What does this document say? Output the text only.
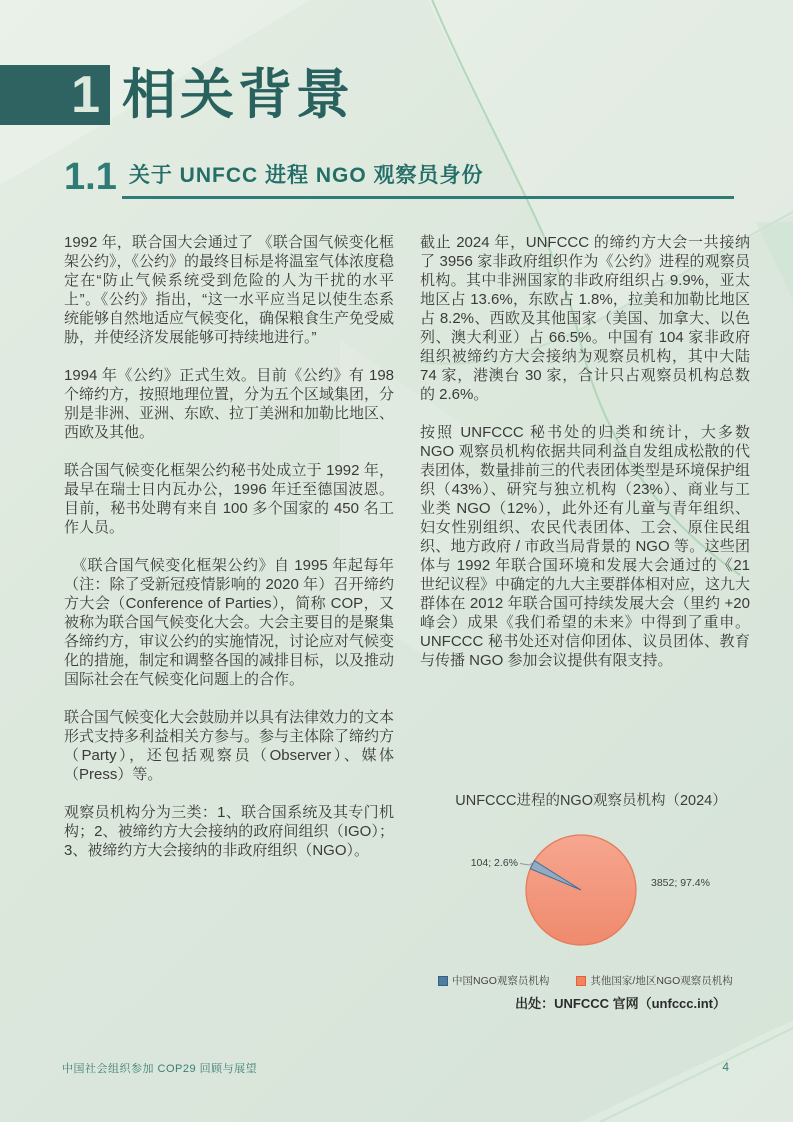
1 相关背景
1.1 关于 UNFCC 进程 NGO 观察员身份

1992 年，联合国大会通过了 《联合国气候变化框架公约》，《公约》的最终目标是将温室气体浓度稳定在“防止气候系统受到危险的人为干扰的水平上”。《公约》指出，“这一水平应当足以使生态系统能够自然地适应气候变化，确保粮食生产免受威胁，并使经济发展能够可持续地进行。”

1994 年《公约》正式生效。目前《公约》有 198 个缔约方，按照地理位置，分为五个区域集团，分别是非洲、亚洲、东欧、拉丁美洲和加勒比地区、西欧及其他。

联合国气候变化框架公约秘书处成立于 1992 年，最早在瑞士日内瓦办公，1996 年迁至德国波恩。目前，秘书处聘有来自 100 多个国家的 450 名工作人员。

　《联合国气候变化框架公约》自 1995 年起每年（注：除了受新冠疫情影响的 2020 年）召开缔约方大会（Conference of Parties），简称 COP，又被称为联合国气候变化大会。大会主要目的是聚集各缔约方，审议公约的实施情况，讨论应对气候变化的措施，制定和调整各国的减排目标，以及推动国际社会在气候变化问题上的合作。

联合国气候变化大会鼓励并以具有法律效力的文本形式支持多利益相关方参与。参与主体除了缔约方（Party），还包括观察员（Observer）、媒体（Press）等。

观察员机构分为三类：1、联合国系统及其专门机构；2、被缔约方大会接纳的政府间组织（IGO）；3、被缔约方大会接纳的非政府组织（NGO）。

截止 2024 年，UNFCCC 的缔约方大会一共接纳了 3956 家非政府组织作为《公约》进程的观察员机构。其中非洲国家的非政府组织占 9.9%，亚太地区占 13.6%，东欧占 1.8%，拉美和加勒比地区占 8.2%、西欧及其他国家（美国、加拿大、以色列、澳大利亚）占 66.5%。中国有 104 家非政府组织被缔约方大会接纳为观察员机构，其中大陆 74 家，港澳台 30 家，合计只占观察员机构总数的 2.6%。

按照 UNFCCC 秘书处的归类和统计，大多数 NGO 观察员机构依据共同利益自发组成松散的代表团体，数量排前三的代表团体类型是环境保护组织（43%）、研究与独立机构（23%）、商业与工业类 NGO（12%），此外还有儿童与青年组织、妇女性别组织、农民代表团体、工会、原住民组织、地方政府 / 市政当局背景的 NGO 等。这些团体与 1992 年联合国环境和发展大会通过的《21 世纪议程》中确定的九大主要群体相对应，这九大群体在 2012 年联合国可持续发展大会（里约 +20 峰会）成果《我们希望的未来》中得到了重申。UNFCCC 秘书处还对信仰团体、议员团体、教育与传播 NGO 参加会议提供有限支持。

UNFCCC进程的NGO观察员机构（2024）
104; 2.6%
3852; 97.4%
中国NGO观察员机构	其他国家/地区NGO观察员机构
出处：UNFCCC 官网（unfccc.int）
中国社会组织参加 COP29 回顾与展望	4
